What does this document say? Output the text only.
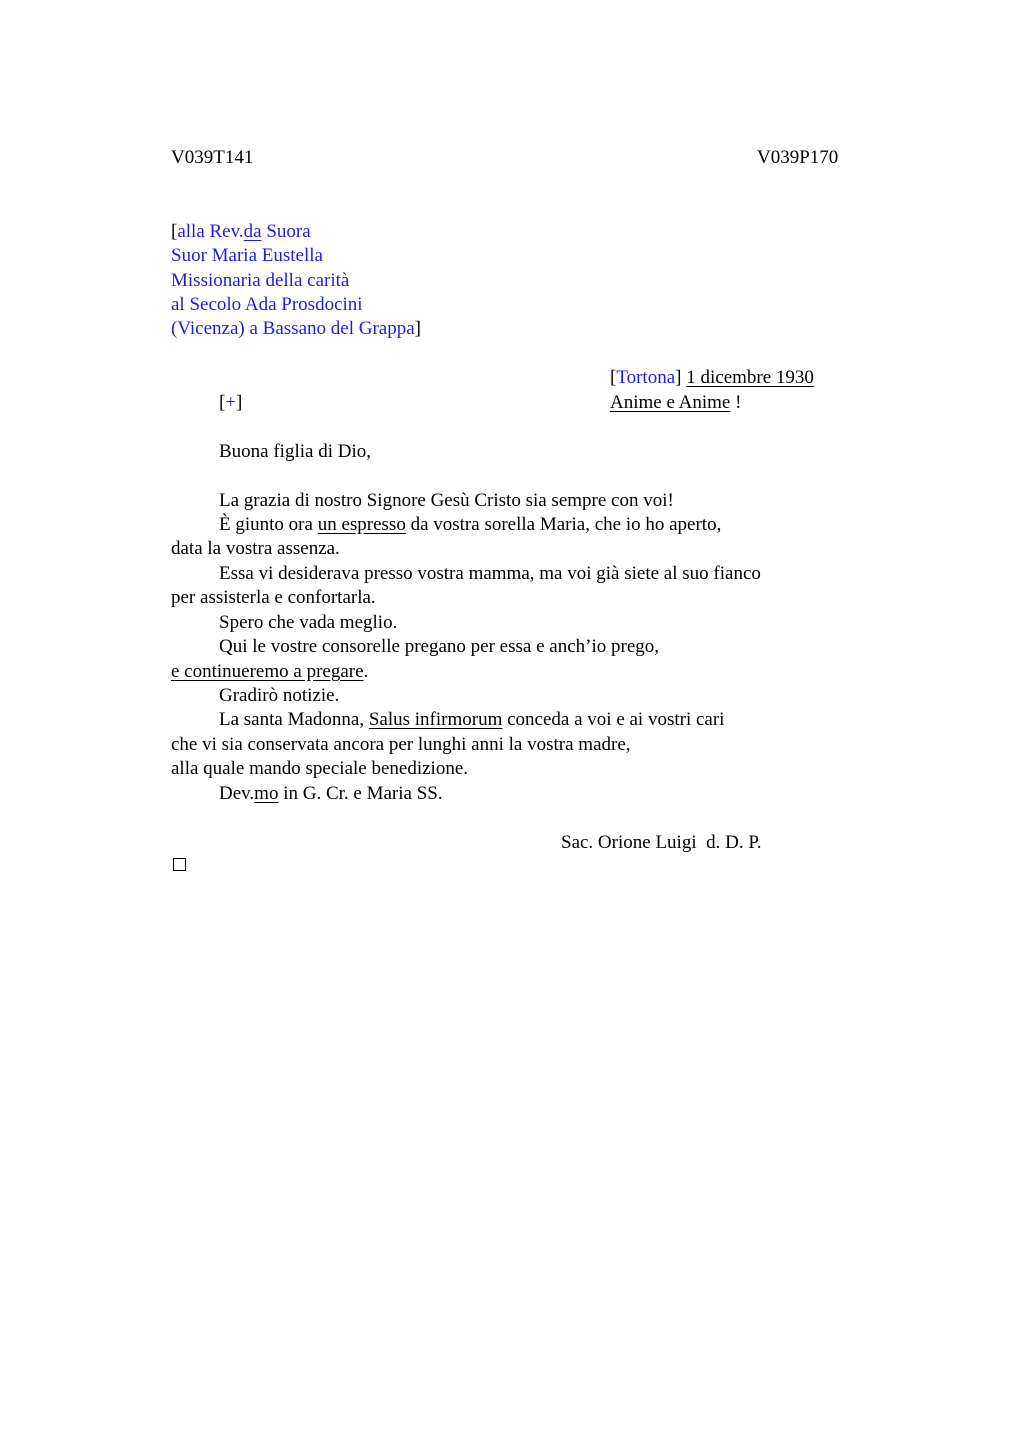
V039T141	V039P170
[alla Rev.da Suora
Suor Maria Eustella
Missionaria della carità
al Secolo Ada Prosdocini
(Vicenza) a Bassano del Grappa]
[Tortona] 1 dicembre 1930
[+]	Anime e Anime !
Buona figlia di Dio,
La grazia di nostro Signore Gesù Cristo sia sempre con voi!
È giunto ora un espresso da vostra sorella Maria, che io ho aperto,
data la vostra assenza.
Essa vi desiderava presso vostra mamma, ma voi già siete al suo fianco
per assisterla e confortarla.
Spero che vada meglio.
Qui le vostre consorelle pregano per essa e anch’io prego,
e continueremo a pregare.
Gradirò notizie.
La santa Madonna, Salus infirmorum conceda a voi e ai vostri cari
che vi sia conservata ancora per lunghi anni la vostra madre,
alla quale mando speciale benedizione.
Dev.mo in G. Cr. e Maria SS.
Sac. Orione Luigi  d. D. P.
